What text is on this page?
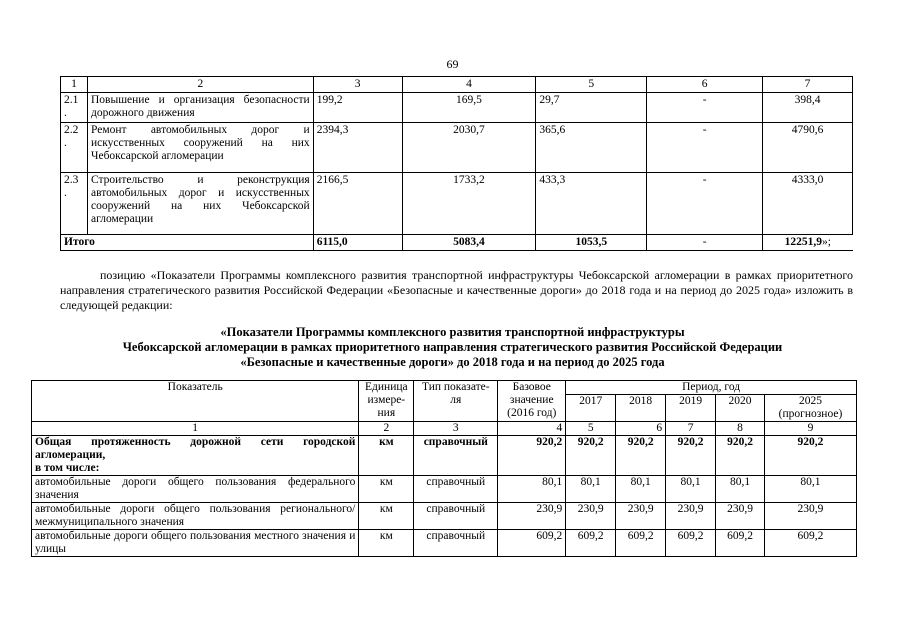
69
1	2	3	4	5	6	7
2.1
.	Повышение и организация безопасности дорожного движения	199,2	169,5	29,7	-	398,4
2.2
.	Ремонт автомобильных дорог и искусственных сооружений на них Чебоксарской агломерации	2394,3	2030,7	365,6	-	4790,6
2.3
.	Строительство и реконструкция автомобильных дорог и искусственных сооружений на них Чебоксарской агломерации	2166,5	1733,2	433,3	-	4333,0
Итого		6115,0	5083,4	1053,5	-	12251,9»;
позицию «Показатели Программы комплексного развития транспортной инфраструктуры Чебоксарской агломерации в рамках приоритетного направления стратегического развития Российской Федерации «Безопасные и качественные дороги» до 2018 года и на период до 2025 года» изложить в следующей редакции:
«Показатели Программы комплексного развития транспортной инфраструктуры
Чебоксарской агломерации в рамках приоритетного направления стратегического развития Российской Федерации
«Безопасные и качественные дороги» до 2018 года и на период до 2025 года
Показатель	Единица измере-ния	Тип показате-ля	Базовое значение (2016 год)	Период, год				
				2017	2018	2019	2020	2025 (прогнозное)
1	2	3	4	5	6	7	8	9
Общая протяженность дорожной сети городской агломерации,
в том числе:	км	справочный	920,2	920,2	920,2	920,2	920,2	920,2
автомобильные дороги общего пользования федерального значения	км	справочный	80,1	80,1	80,1	80,1	80,1	80,1
автомобильные дороги общего пользования регионального/ межмуниципального значения	км	справочный	230,9	230,9	230,9	230,9	230,9	230,9
автомобильные дороги общего пользования местного значения и улицы	км	справочный	609,2	609,2	609,2	609,2	609,2	609,2
